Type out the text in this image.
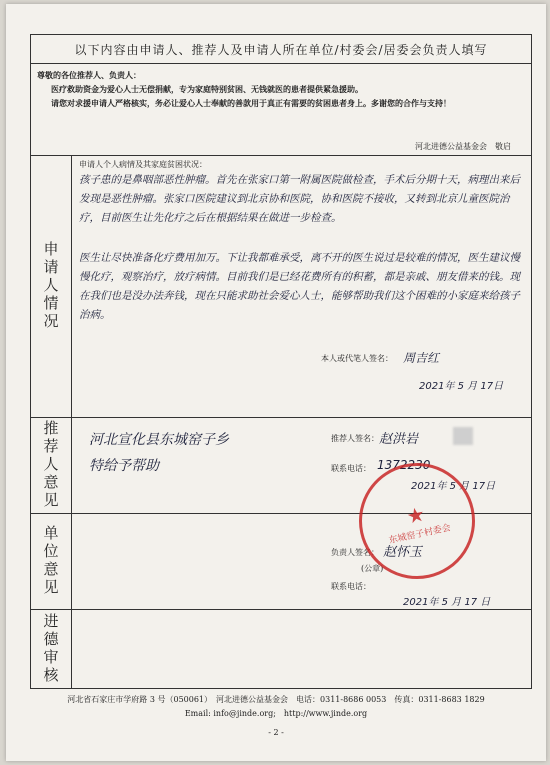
以下内容由申请人、推荐人及申请人所在单位/村委会/居委会负责人填写
尊敬的各位推荐人、负责人：
医疗救助资金为爱心人士无偿捐献，专为家庭特别贫困、无钱就医的患者提供紧急援助。
请您对求援申请人严格核实，务必让爱心人士奉献的善款用于真正有需要的贫困患者身上。多谢您的合作与支持！
河北进德公益基金会　敬启
申请人情况
申请人个人病情及其家庭贫困状况：
孩子患的是鼻咽部恶性肿瘤。首先在张家口第一附属医院做检查，手术后分期十天，病理出来后发现是恶性肿瘤。张家口医院建议到北京协和医院，协和医院不接收，又转到北京儿童医院治疗，目前医生让先化疗之后在根据结果在做进一步检查。
医生让尽快准备化疗费用加万。下让我都难承受，离不开的医生说过是较难的情况，医生建议慢慢化疗，观察治疗，放疗病情。目前我们是已经花费所有的积蓄，都是亲戚、朋友借来的钱。现在我们也是没办法奔钱，现在只能求助社会爱心人士，能够帮助我们这个困难的小家庭来给孩子治病。
本人或代笔人签名： 周吉红
2021年 5 月 17日
推荐人意见 河北宣化县东城窑子乡
特给予帮助
推荐人签名： 赵洪岩
联系电话： 1372230
2021年 5 月 17日
单位意见	负责人签名： 赵怀玉
(公章)
联系电话：
2021年 5 月 17 日
★
东城窑子村委会
进德审核
河北省石家庄市学府路 3 号（050061）　河北进德公益基金会　电话：0311-8686 0053　传真：0311-8683 1829
Email: info@jinde.org;　http://www.jinde.org
- 2 -
